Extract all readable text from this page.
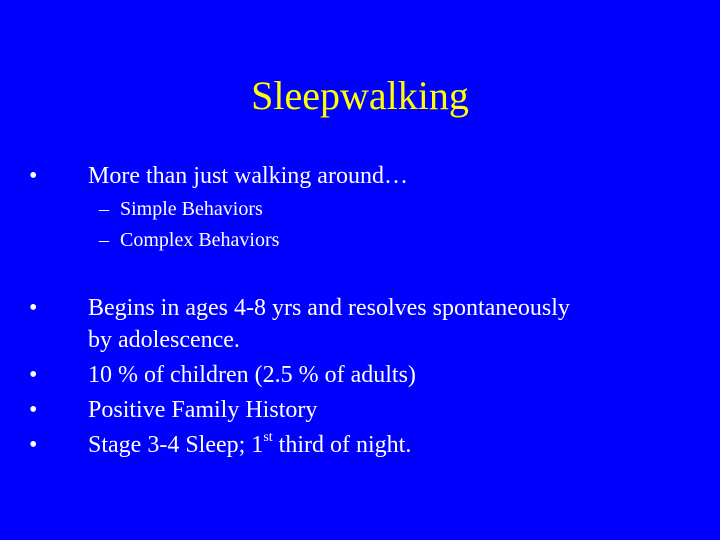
Sleepwalking
• More than just walking around…
– Simple Behaviors
– Complex Behaviors
• Begins in ages 4-8 yrs and resolves spontaneously
by adolescence.
• 10 % of children (2.5 % of adults)
• Positive Family History
• Stage 3-4 Sleep; 1st third of night.
